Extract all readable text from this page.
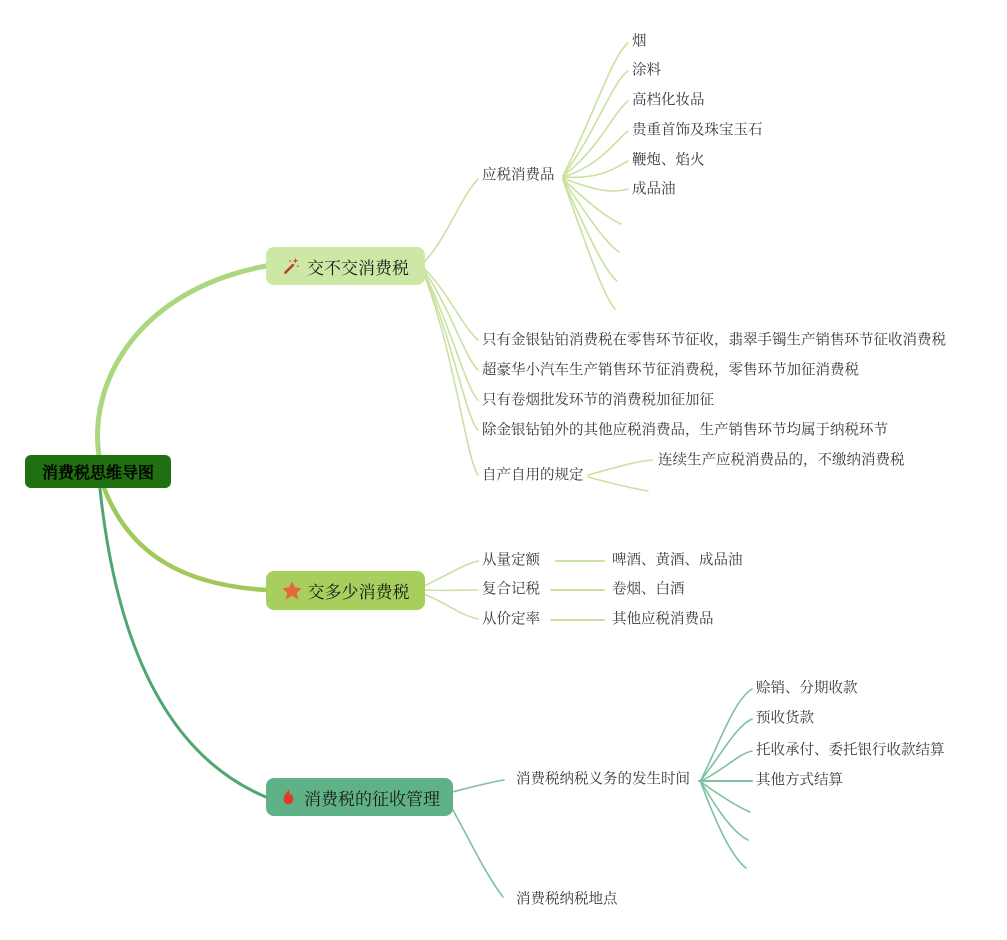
消费税思维导图
交不交消费税
交多少消费税
消费税的征收管理
应税消费品
烟
涂料
高档化妆品
贵重首饰及珠宝玉石
鞭炮、焰火
成品油
只有金银钻铂消费税在零售环节征收，翡翠手镯生产销售环节征收消费税
超豪华小汽车生产销售环节征消费税，零售环节加征消费税
只有卷烟批发环节的消费税加征加征
除金银钻铂外的其他应税消费品，生产销售环节均属于纳税环节
自产自用的规定
连续生产应税消费品的，不缴纳消费税
从量定额
复合记税
从价定率
啤酒、黄酒、成品油
卷烟、白酒
其他应税消费品
消费税纳税义务的发生时间
赊销、分期收款
预收货款
托收承付、委托银行收款结算
其他方式结算
消费税纳税地点
